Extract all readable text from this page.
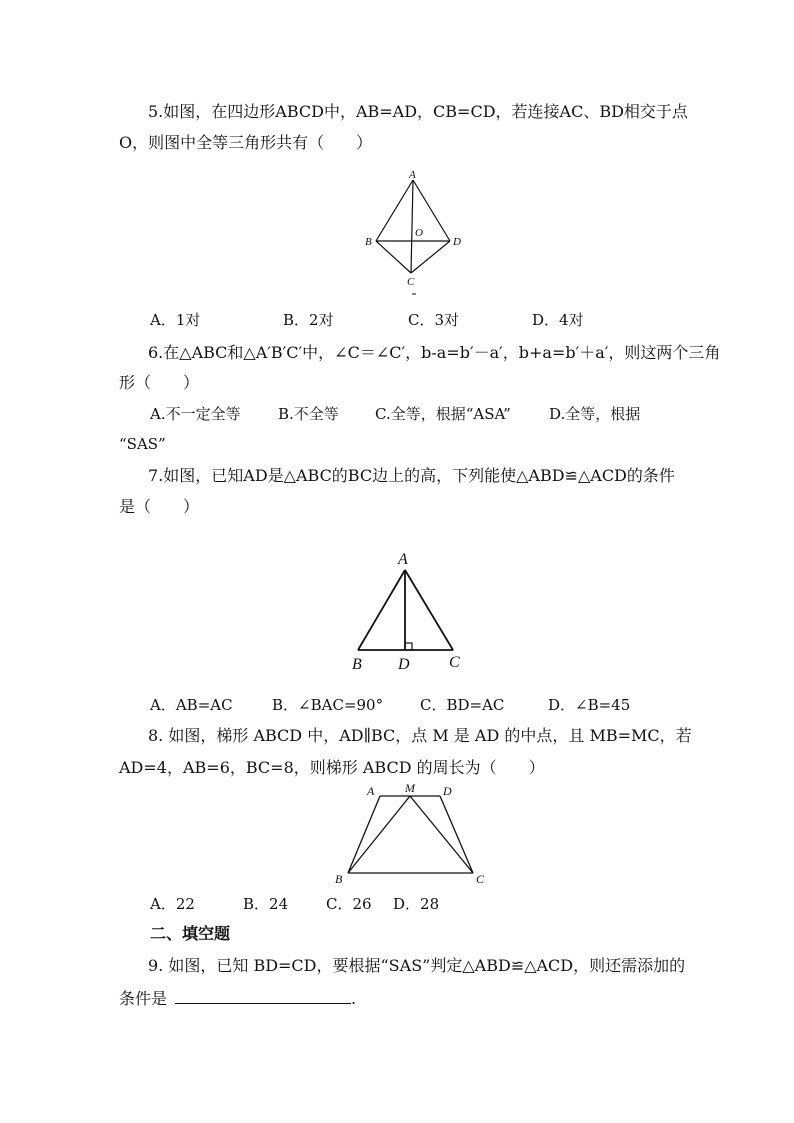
5.如图，在四边形ABCD中，AB=AD，CB=CD，若连接AC、BD相交于点
O，则图中全等三角形共有（　　）
A
B	D
O
C
A．1对	B．2对	C．3对	D．4对
6.在△ABC和△A′B′C′中，∠C＝∠C′，b-a=b′－a′，b+a=b′＋a′，则这两个三角
形（　　）
A.不一定全等 B.不全等 C.全等，根据“ASA”	D.全等，根据
“SAS”
7.如图，已知AD是△ABC的BC边上的高，下列能使△ABD≌△ACD的条件
是（　　）
A
B D C
A．AB=AC	B．∠BAC=90° C．BD=AC	D．∠B=45
8. 如图，梯形 ABCD 中，AD∥BC，点 M 是 AD 的中点，且 MB=MC，若
AD=4，AB=6，BC=8，则梯形 ABCD 的周长为（　　）
A	M D
B	C
A．22	B．24	C．26 D．28
二、填空题
9. 如图，已知 BD=CD，要根据“SAS”判定△ABD≌△ACD，则还需添加的
条件是	.
